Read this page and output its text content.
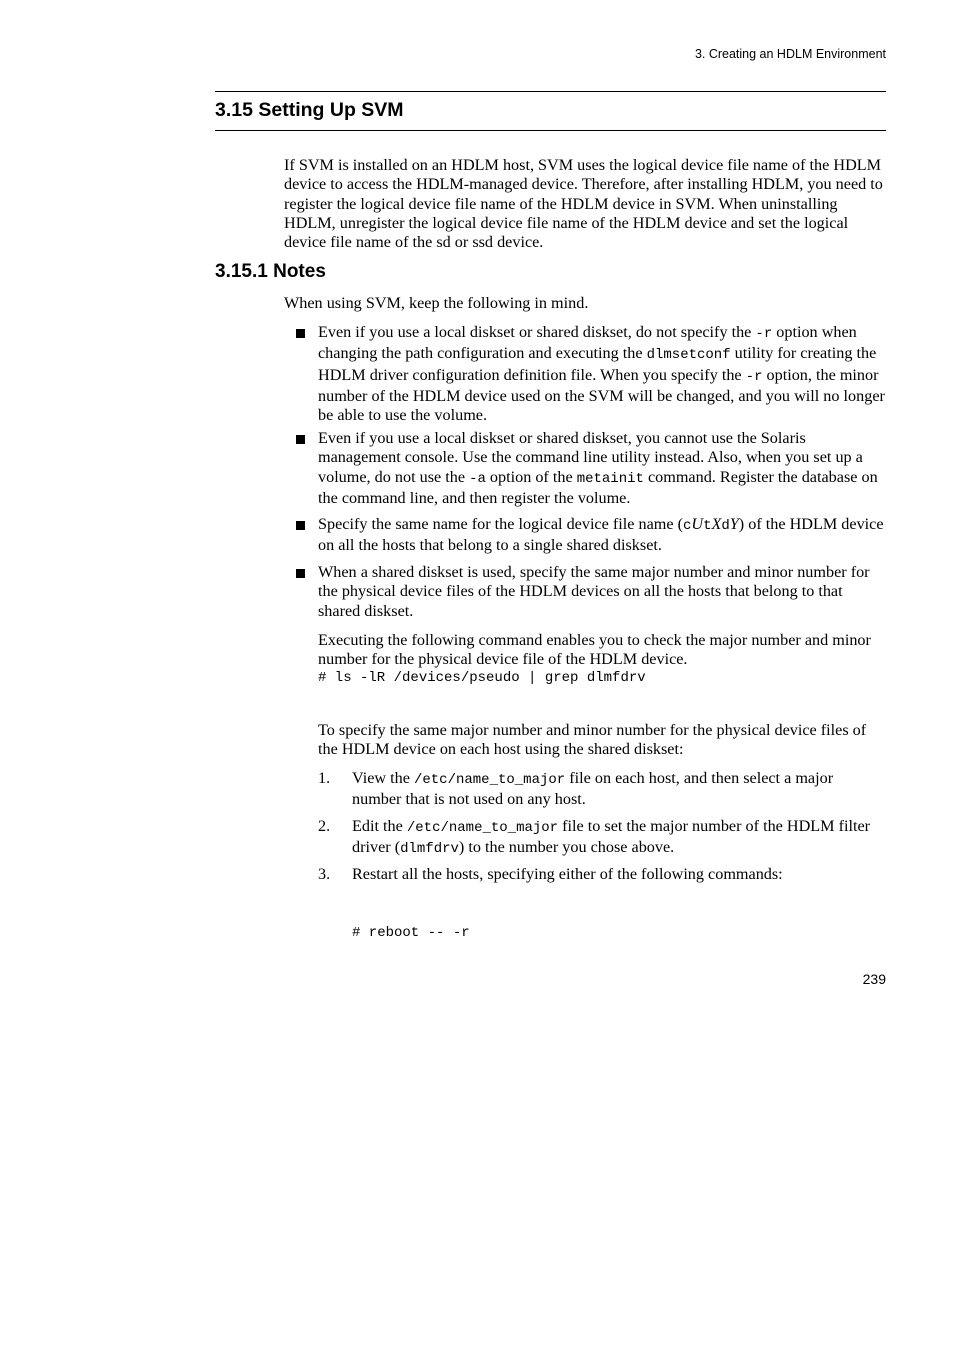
3. Creating an HDLM Environment
3.15 Setting Up SVM

If SVM is installed on an HDLM host, SVM uses the logical device file name of the HDLM device to access the HDLM-managed device. Therefore, after installing HDLM, you need to register the logical device file name of the HDLM device in SVM. When uninstalling HDLM, unregister the logical device file name of the HDLM device and set the logical device file name of the sd or ssd device.

3.15.1 Notes

When using SVM, keep the following in mind.

Even if you use a local diskset or shared diskset, do not specify the -r option when changing the path configuration and executing the dlmsetconf utility for creating the HDLM driver configuration definition file. When you specify the -r option, the minor number of the HDLM device used on the SVM will be changed, and you will no longer be able to use the volume.

Even if you use a local diskset or shared diskset, you cannot use the Solaris management console. Use the command line utility instead. Also, when you set up a volume, do not use the -a option of the metainit command. Register the database on the command line, and then register the volume.

Specify the same name for the logical device file name (cUtXdY) of the HDLM device on all the hosts that belong to a single shared diskset.

When a shared diskset is used, specify the same major number and minor number for the physical device files of the HDLM devices on all the hosts that belong to that shared diskset.

Executing the following command enables you to check the major number and minor number for the physical device file of the HDLM device.

# ls -lR /devices/pseudo | grep dlmfdrv

To specify the same major number and minor number for the physical device files of the HDLM device on each host using the shared diskset:

1. View the /etc/name_to_major file on each host, and then select a major number that is not used on any host.

2. Edit the /etc/name_to_major file to set the major number of the HDLM filter driver (dlmfdrv) to the number you chose above.

3. Restart all the hosts, specifying either of the following commands:

# reboot -- -r
239
